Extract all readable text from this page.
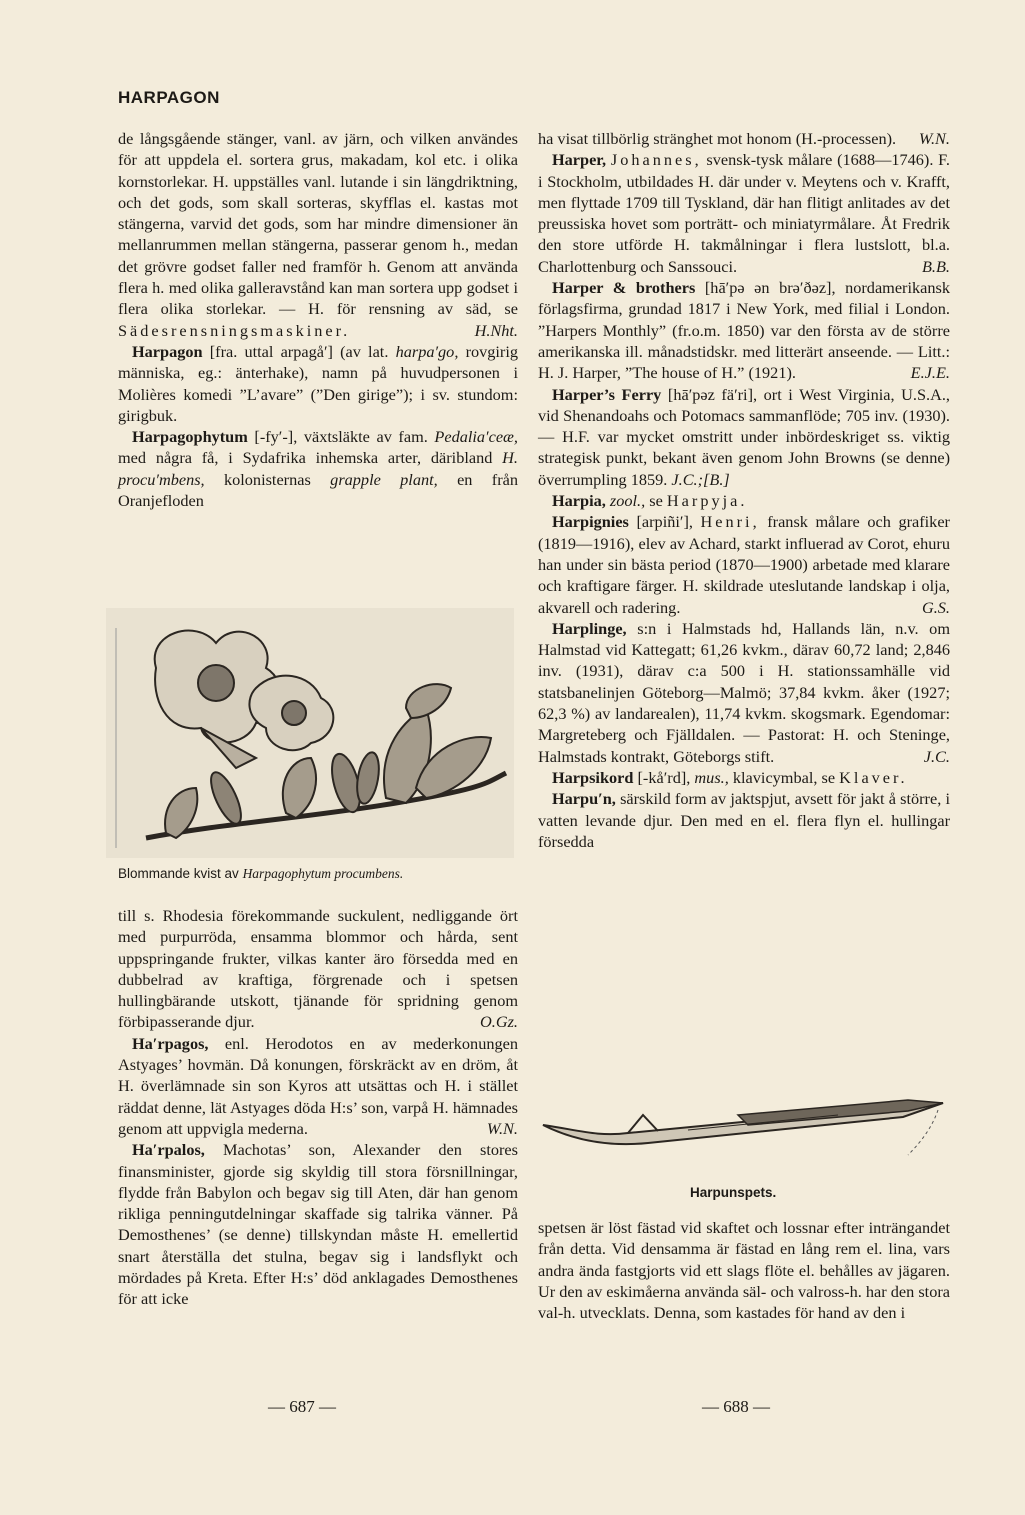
HARPAGON

de långsgående stänger, vanl. av järn, och vilken användes för att uppdela el. sortera grus, makadam, kol etc. i olika kornstorlekar. H. uppställes vanl. lutande i sin längdriktning, och det gods, som skall sorteras, skyfflas el. kastas mot stängerna, varvid det gods, som har mindre dimensioner än mellanrummen mellan stängerna, passerar genom h., medan det grövre godset faller ned framför h. Genom att använda flera h. med olika galleravstånd kan man sortera upp godset i flera olika storlekar. — H. för rensning av säd, se Sädesrensningsmaskiner.	H.Nht.

Harpagon [fra. uttal arpagå′] (av lat. harpa′go, rovgirig människa, eg.: änterhake), namn på huvudpersonen i Molières komedi ”L’avare” (”Den girige”); i sv. stundom: girigbuk.

Harpagophytum [-fy′-], växtsläkte av fam. Pedalia′ceæ, med några få, i Sydafrika inhemska arter, däribland H. procu′mbens, kolonisternas grapple plant, en från Oranjefloden

Blommande kvist av Harpagophytum procumbens.

till s. Rhodesia förekommande suckulent, nedliggande ört med purpurröda, ensamma blommor och hårda, sent uppspringande frukter, vilkas kanter äro försedda med en dubbelrad av kraftiga, förgrenade och i spetsen hullingbärande utskott, tjänande för spridning genom förbipasserande djur.	O.Gz.

Ha′rpagos, enl. Herodotos en av mederkonungen Astyages’ hovmän. Då konungen, förskräckt av en dröm, åt H. överlämnade sin son Kyros att utsättas och H. i stället räddat denne, lät Astyages döda H:s’ son, varpå H. hämnades genom att uppvigla mederna.	W.N.

Ha′rpalos, Machotas’ son, Alexander den stores finansminister, gjorde sig skyldig till stora försnillningar, flydde från Babylon och begav sig till Aten, där han genom rikliga penningutdelningar skaffade sig talrika vänner. På Demosthenes’ (se denne) tillskyndan måste H. emellertid snart återställa det stulna, begav sig i landsflykt och mördades på Kreta. Efter H:s’ död anklagades Demosthenes för att icke

ha visat tillbörlig stränghet mot honom (H.-processen). W.N.

Harper, Johannes, svensk-tysk målare (1688—1746). F. i Stockholm, utbildades H. där under v. Meytens och v. Krafft, men flyttade 1709 till Tyskland, där han flitigt anlitades av det preussiska hovet som porträtt- och miniatyrmålare. Åt Fredrik den store utförde H. takmålningar i flera lustslott, bl.a. Charlottenburg och Sanssouci.	B.B.

Harper & brothers [hā′pə ən brə′ðəz], nordamerikansk förlagsfirma, grundad 1817 i New York, med filial i London. ”Harpers Monthly” (fr.o.m. 1850) var den första av de större amerikanska ill. månadstidskr. med litterärt anseende. — Litt.: H. J. Harper, ”The house of H.” (1921).	E.J.E.

Harper’s Ferry [hā′pəz fä′ri], ort i West Virginia, U.S.A., vid Shenandoahs och Potomacs sammanflöde; 705 inv. (1930). — H.F. var mycket omstritt under inbördeskriget ss. viktig strategisk punkt, bekant även genom John Browns (se denne) överrumpling 1859. J.C.;[B.]

Harpia, zool., se Harpyja.

Harpignies [arpiñi′], Henri, fransk målare och grafiker (1819—1916), elev av Achard, starkt influerad av Corot, ehuru han under sin bästa period (1870—1900) arbetade med klarare och kraftigare färger. H. skildrade uteslutande landskap i olja, akvarell och radering.	G.S.

Harplinge, s:n i Halmstads hd, Hallands län, n.v. om Halmstad vid Kattegatt; 61,26 kvkm., därav 60,72 land; 2,846 inv. (1931), därav c:a 500 i H. stationssamhälle vid statsbanelinjen Göteborg—Malmö; 37,84 kvkm. åker (1927; 62,3 %) av landarealen), 11,74 kvkm. skogsmark. Egendomar: Margreteberg och Fjälldalen. — Pastorat: H. och Steninge, Halmstads kontrakt, Göteborgs stift.	J.C.

Harpsikord [-kå′rd], mus., klavicymbal, se Klaver.

Harpu′n, särskild form av jaktspjut, avsett för jakt å större, i vatten levande djur. Den med en el. flera flyn el. hullingar försedda

Harpunspets.

spetsen är löst fästad vid skaftet och lossnar efter inträngandet från detta. Vid densamma är fästad en lång rem el. lina, vars andra ända fastgjorts vid ett slags flöte el. behålles av jägaren. Ur den av eskimåerna använda säl- och valross-h. har den stora val-h. utvecklats. Denna, som kastades för hand av den i

— 687 —	— 688 —
